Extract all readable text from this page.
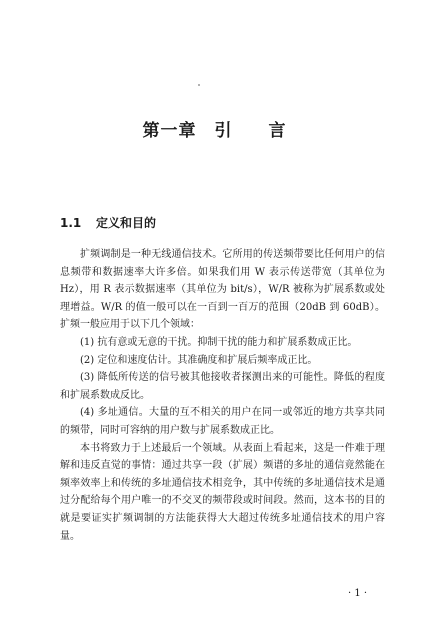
第一章　引　　言
1.1 定义和目的

扩频调制是一种无线通信技术。它所用的传送频带要比任何用户的信息频带和数据速率大许多倍。如果我们用 W 表示传送带宽（其单位为 Hz），用 R 表示数据速率（其单位为 bit/s），W/R 被称为扩展系数或处理增益。W/R 的值一般可以在一百到一百万的范围（20dB 到 60dB）。扩频一般应用于以下几个领域：

(1) 抗有意或无意的干扰。抑制干扰的能力和扩展系数成正比。

(2) 定位和速度估计。其准确度和扩展后频率成正比。

(3) 降低所传送的信号被其他接收者探测出来的可能性。降低的程度和扩展系数成反比。

(4) 多址通信。大量的互不相关的用户在同一或邻近的地方共享共同的频带，同时可容纳的用户数与扩展系数成正比。

本书将致力于上述最后一个领域。从表面上看起来，这是一件难于理解和违反直觉的事情：通过共享一段（扩展）频谱的多址的通信竟然能在频率效率上和传统的多址通信技术相竞争，其中传统的多址通信技术是通过分配给每个用户唯一的不交叉的频带段或时间段。然而，这本书的目的就是要证实扩频调制的方法能获得大大超过传统多址通信技术的用户容量。

· 1 ·
